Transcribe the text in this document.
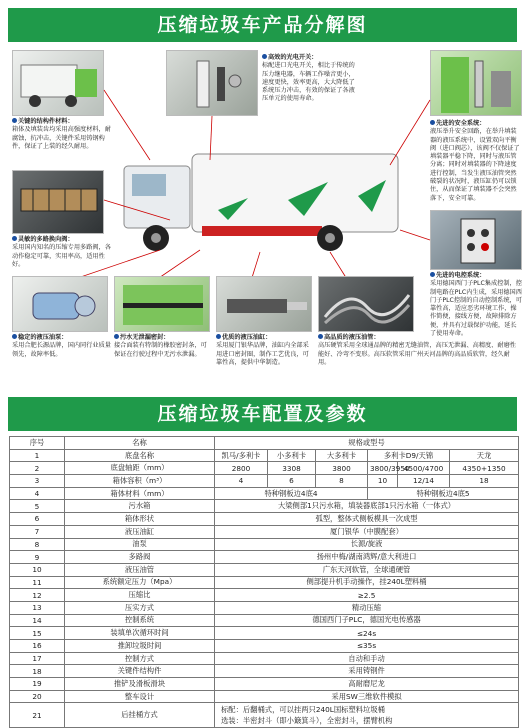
压缩垃圾车产品分解图
关键的结构件材料：
箱体及填装齿均采用高强度材料，耐腐蚀，抗冲击，关键件采用铸钢构件，保证了上装的经久耐用。
高效的光电开关：
标配进口光电开关，相比于传统的压力继电器，车辆工作噪音更小，速度更快，效率更高，大大降低了系统压力冲击，有效的保证了各液压单元的使用寿命。
先进的安全系统：
液压举升安全回路，在举升填装器的液压系统中，设置双向平衡阀（进口阀芯），该阀不仅保证了填装器平稳下降，同时与液压管分离；同时对填装器的下降速度进行控制，当发生液压油管突然破裂的状况时，液压缸仍可以锁住，从而保证了填装器不会突然落下，安全可靠。
灵敏的多路换向阀：
采用国内知名的压缩专用多路阀，各动作稳定可靠，实用率高，适用性好。
先进的电控系统：
采用德国西门子PLC集成控制，控制电路在PLC内生成，采用德国西门子PLC控制的自动控制系统，可靠性高，适应恶劣环境工作，操作简便，接线方便，故障排除方便，并具有过载保护功能，延长了使用寿命。
稳定的液压油泵：
采用合肥长源品牌，国内同行业质量领先，故障率低。
污水无泄漏密封：
接合面装有特制的橡胶密封条，可保证在行驶过程中无污水泄漏。
优质的液压油缸：
采用厦门银华品牌，油缸内全部采用进口密封圈，制作工艺优良，可靠性高，提供中华制造。
高品质的液压油管：
高压硬管采用全球通品牌的精密无缝油管，高压无泄漏、高精度、耐磨性能好、冷弯不变形。高压软管采用广州天河品牌的高品质软管，经久耐用。
压缩垃圾车配置及参数
序号	名称	规格或型号					
1	底盘名称	凯马/多利卡	小多利卡	大多利卡	多利卡D9/天锦		天龙
2	底盘轴距（mm）	2800	3308	3800	3800/3950	4500/4700	4350+1350
3	箱体容积（m³）	4	6	8	10	12/14	18
4	箱体材料（mm）	特种钢板边4底4			特种钢板边4底5		
5	污水箱	大梁侧部1只污水箱，填装器底部1只污水箱（一体式）					
6	箱体形状	弧型，整体式侧板模具一次成型					
7	液压油缸	厦门银华（中膜配套）					
8	油泵	长源/旋液					
9	多路阀	扬州中梅/湖南鸿辉/意大利进口					
10	液压油管	广东天河软管，全球通硬管					
11	系统额定压力（Mpa）	侧部提升机手动操作，挂240L塑料桶					
12	压缩比	≥2.5					
13	压实方式	精动压缩					
14	控制系统	德国西门子PLC，德国光电传感器					
15	装填单次循环时间	≤24s					
16	推卸垃圾时间	≤35s					
17	控制方式	自动和手动					
18	关键件结构件	采用铸钢件					
19	推铲及滑板滑块	高耐磨尼龙					
20	整车设计	采用SW三维软件模拟					
21	后挂桶方式	标配：后翻桶式，可以挂两只240L国标塑料垃圾桶
选装：半密封斗（即小簸箕斗），全密封斗，摆臂机构					
